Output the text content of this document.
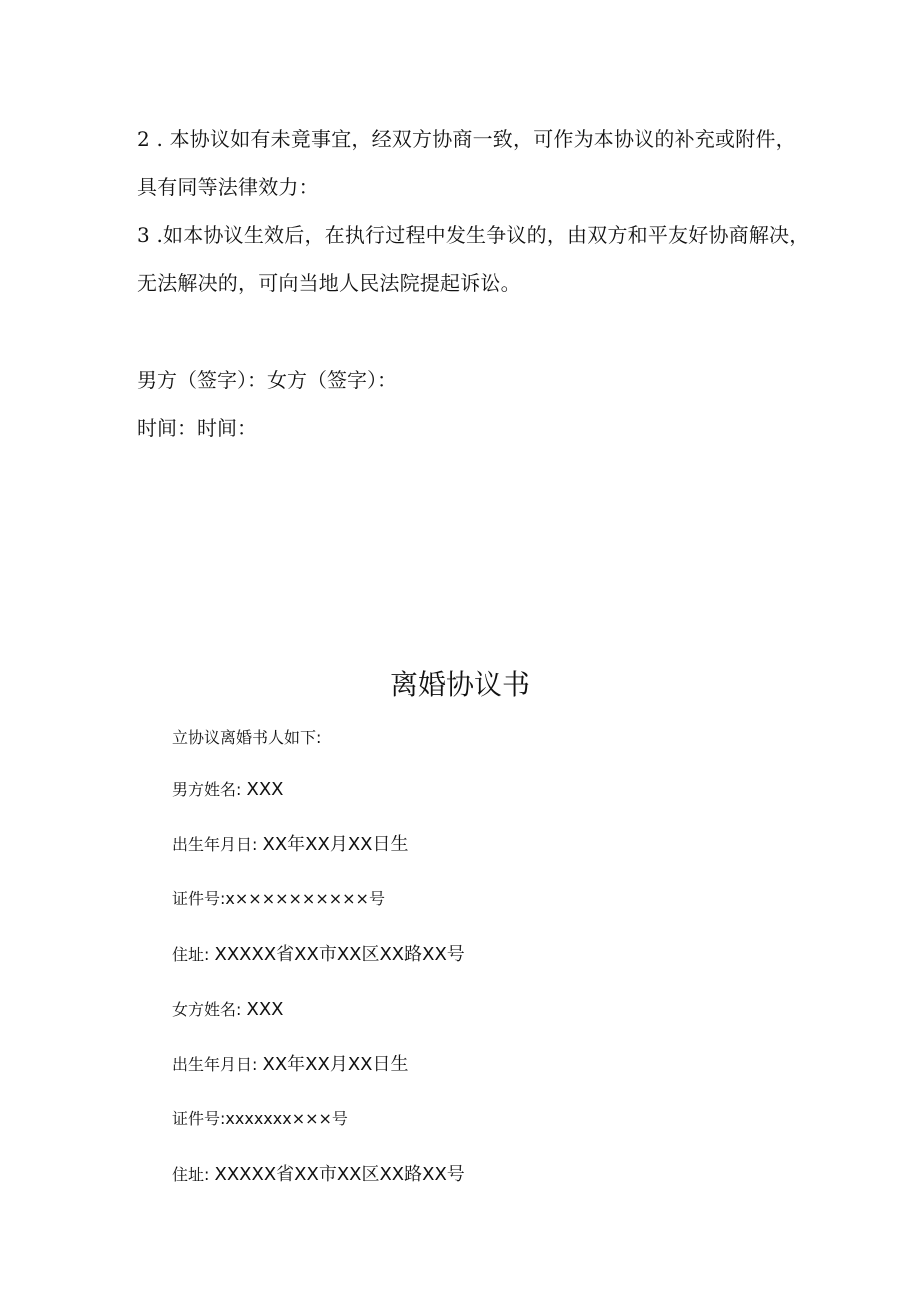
2 . 本协议如有未竟事宜，经双方协商一致，可作为本协议的补充或附件，
具有同等法律效力：
3 .如本协议生效后，在执行过程中发生争议的，由双方和平友好协商解决，
无法解决的，可向当地人民法院提起诉讼。
男方（签字）：女方（签字）：
时间：时间：
离婚协议书
立协议离婚书人如下:
男方姓名: XXX
出生年月日: XX年XX月XX日生
证件号:x××××××××××号
住址: XXXXX省XX市XX区XX路XX号
女方姓名: XXX
出生年月日: XX年XX月XX日生
证件号:xxxxxxx×××号
住址: XXXXX省XX市XX区XX路XX号
